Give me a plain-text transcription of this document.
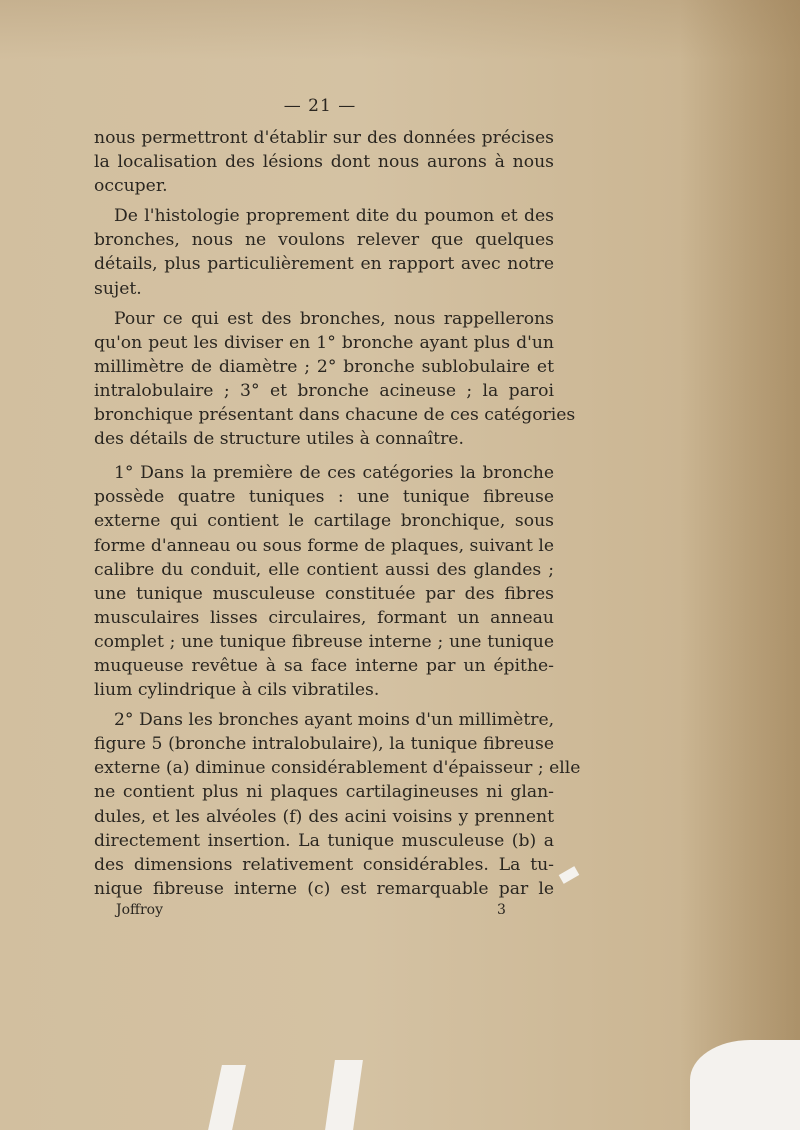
— 21 —
nous permettront d'établir sur des données précises
la localisation des lésions dont nous aurons à nous
occuper.
De l'histologie proprement dite du poumon et des
bronches, nous ne voulons relever que quelques
détails, plus particulièrement en rapport avec notre
sujet.
Pour ce qui est des bronches, nous rappellerons
qu'on peut les diviser en 1° bronche ayant plus d'un
millimètre de diamètre ; 2° bronche sublobulaire et
intralobulaire ; 3° et bronche acineuse ; la paroi
bronchique présentant dans chacune de ces catégories
des détails de structure utiles à connaître.
1° Dans la première de ces catégories la bronche
possède quatre tuniques : une tunique fibreuse
externe qui contient le cartilage bronchique, sous
forme d'anneau ou sous forme de plaques, suivant le
calibre du conduit, elle contient aussi des glandes ;
une tunique musculeuse constituée par des fibres
musculaires lisses circulaires, formant un anneau
complet ; une tunique fibreuse interne ; une tunique
muqueuse revêtue à sa face interne par un épithe-
lium cylindrique à cils vibratiles.
2° Dans les bronches ayant moins d'un millimètre,
figure 5 (bronche intralobulaire), la tunique fibreuse
externe (a) diminue considérablement d'épaisseur ; elle
ne contient plus ni plaques cartilagineuses ni glan-
dules, et les alvéoles (f) des acini voisins y prennent
directement insertion. La tunique musculeuse (b) a
des dimensions relativement considérables. La tu-
nique fibreuse interne (c) est remarquable par le
Joffroy	3
